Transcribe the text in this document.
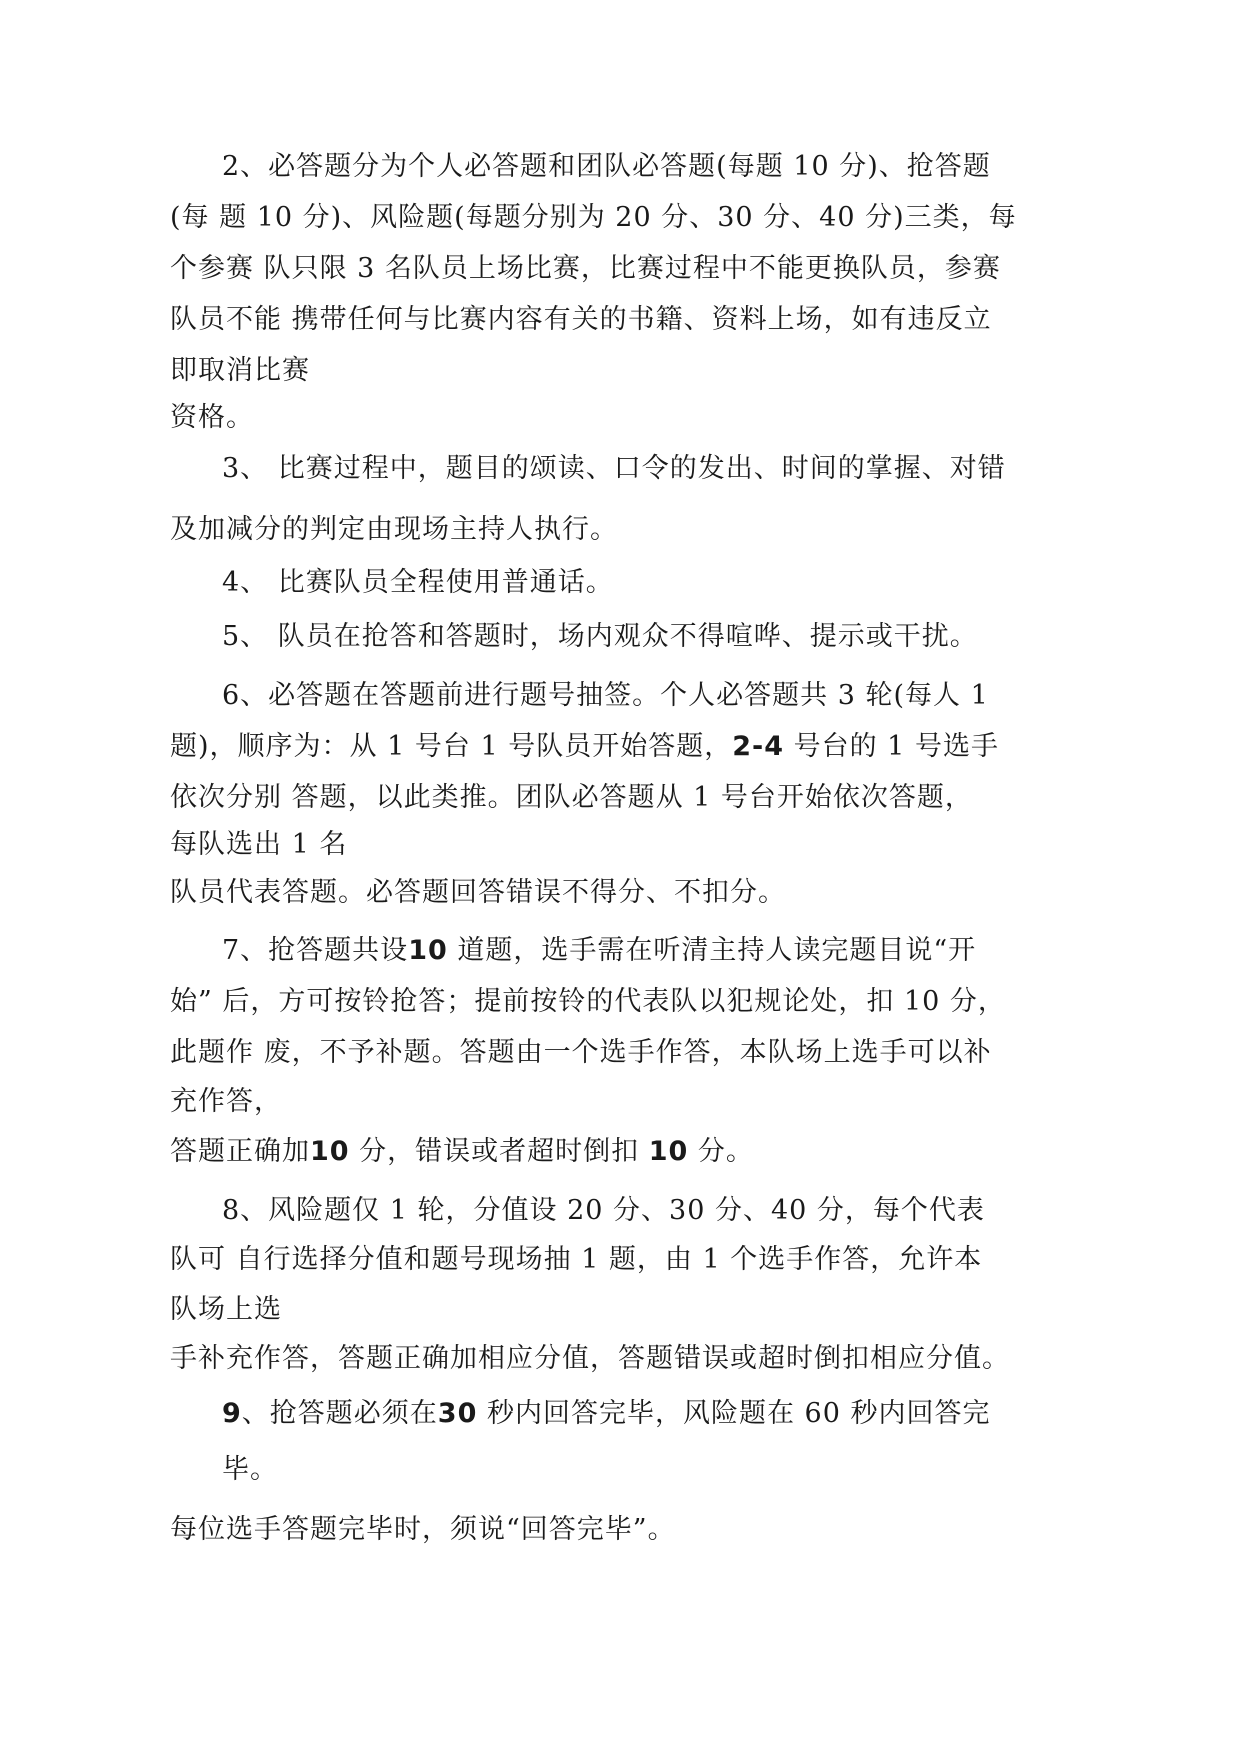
2、必答题分为个人必答题和团队必答题(每题 10 分)、抢答题
(每 题 10 分)、风险题(每题分别为 20 分、30 分、40 分)三类，每
个参赛 队只限 3 名队员上场比赛，比赛过程中不能更换队员，参赛
队员不能 携带任何与比赛内容有关的书籍、资料上场，如有违反立
即取消比赛
资格。
3、 比赛过程中，题目的颂读、口令的发出、时间的掌握、对错
及加减分的判定由现场主持人执行。
4、 比赛队员全程使用普通话。
5、 队员在抢答和答题时，场内观众不得喧哗、提示或干扰。
6、必答题在答题前进行题号抽签。个人必答题共 3 轮(每人 1
题)，顺序为：从 1 号台 1 号队员开始答题，2-4 号台的 1 号选手
依次分别 答题，以此类推。团队必答题从 1 号台开始依次答题，
每队选出 1 名
队员代表答题。必答题回答错误不得分、不扣分。
7、抢答题共设10 道题，选手需在听清主持人读完题目说“开
始” 后，方可按铃抢答；提前按铃的代表队以犯规论处，扣 10 分，
此题作 废，不予补题。答题由一个选手作答，本队场上选手可以补
充作答，
答题正确加10 分，错误或者超时倒扣 10 分。
8、风险题仅 1 轮，分值设 20 分、30 分、40 分，每个代表
队可 自行选择分值和题号现场抽 1 题，由 1 个选手作答，允许本
队场上选
手补充作答，答题正确加相应分值，答题错误或超时倒扣相应分值。
9、抢答题必须在30 秒内回答完毕，风险题在 60 秒内回答完
毕。
每位选手答题完毕时，须说“回答完毕”。
